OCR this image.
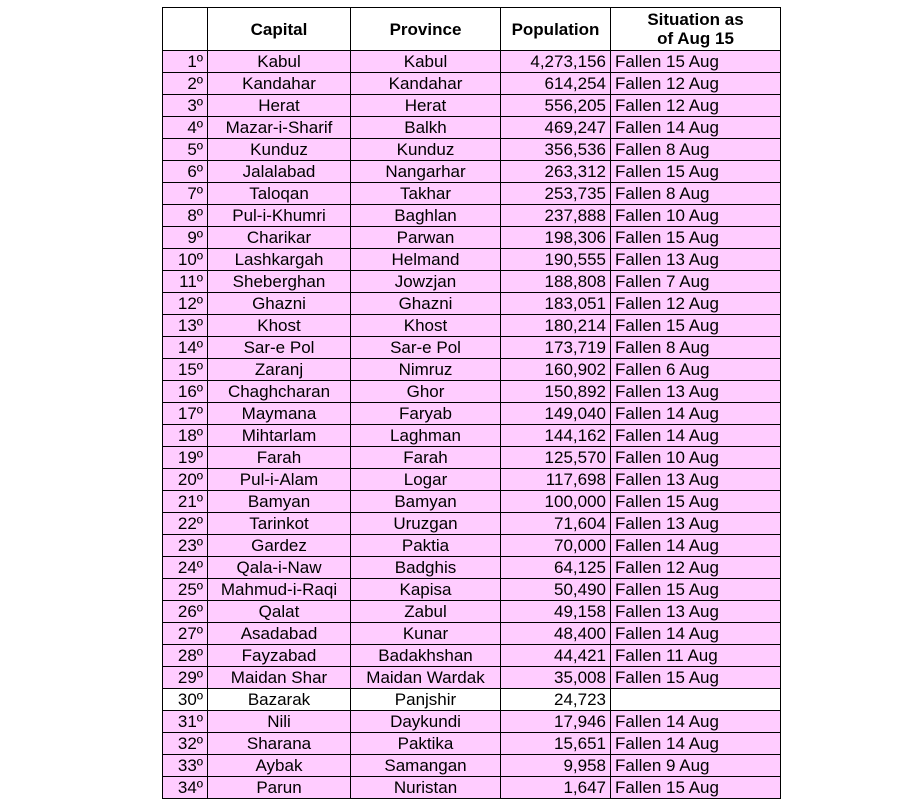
	Capital	Province	Population	Situation as
of Aug 15
1º	Kabul	Kabul	4,273,156	Fallen 15 Aug
2º	Kandahar	Kandahar	614,254	Fallen 12 Aug
3º	Herat	Herat	556,205	Fallen 12 Aug
4º	Mazar-i-Sharif	Balkh	469,247	Fallen 14 Aug
5º	Kunduz	Kunduz	356,536	Fallen 8 Aug
6º	Jalalabad	Nangarhar	263,312	Fallen 15 Aug
7º	Taloqan	Takhar	253,735	Fallen 8 Aug
8º	Pul-i-Khumri	Baghlan	237,888	Fallen 10 Aug
9º	Charikar	Parwan	198,306	Fallen 15 Aug
10º	Lashkargah	Helmand	190,555	Fallen 13 Aug
11º	Sheberghan	Jowzjan	188,808	Fallen 7 Aug
12º	Ghazni	Ghazni	183,051	Fallen 12 Aug
13º	Khost	Khost	180,214	Fallen 15 Aug
14º	Sar-e Pol	Sar-e Pol	173,719	Fallen 8 Aug
15º	Zaranj	Nimruz	160,902	Fallen 6 Aug
16º	Chaghcharan	Ghor	150,892	Fallen 13 Aug
17º	Maymana	Faryab	149,040	Fallen 14 Aug
18º	Mihtarlam	Laghman	144,162	Fallen 14 Aug
19º	Farah	Farah	125,570	Fallen 10 Aug
20º	Pul-i-Alam	Logar	117,698	Fallen 13 Aug
21º	Bamyan	Bamyan	100,000	Fallen 15 Aug
22º	Tarinkot	Uruzgan	71,604	Fallen 13 Aug
23º	Gardez	Paktia	70,000	Fallen 14 Aug
24º	Qala-i-Naw	Badghis	64,125	Fallen 12 Aug
25º	Mahmud-i-Raqi	Kapisa	50,490	Fallen 15 Aug
26º	Qalat	Zabul	49,158	Fallen 13 Aug
27º	Asadabad	Kunar	48,400	Fallen 14 Aug
28º	Fayzabad	Badakhshan	44,421	Fallen 11 Aug
29º	Maidan Shar	Maidan Wardak	35,008	Fallen 15 Aug
30º	Bazarak	Panjshir	24,723	
31º	Nili	Daykundi	17,946	Fallen 14 Aug
32º	Sharana	Paktika	15,651	Fallen 14 Aug
33º	Aybak	Samangan	9,958	Fallen 9 Aug
34º	Parun	Nuristan	1,647	Fallen 15 Aug
